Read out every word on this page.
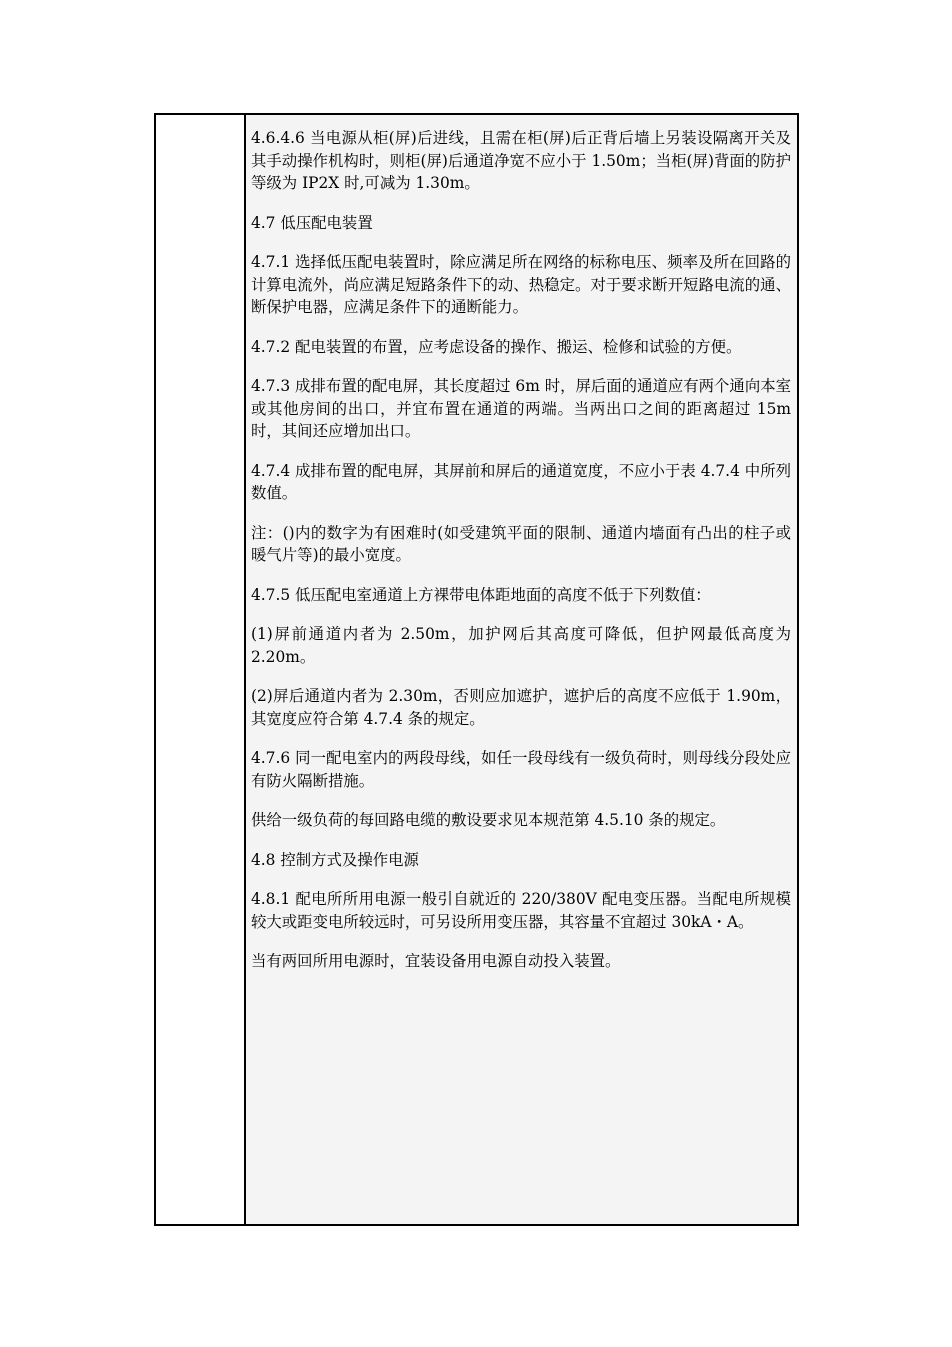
4.6.4.6 当电源从柜(屏)后进线，且需在柜(屏)后正背后墙上另装设隔离开关及其手动操作机构时，则柜(屏)后通道净宽不应小于 1.50m；当柜(屏)背面的防护等级为 IP2X 时,可减为 1.30m。

4.7 低压配电装置

4.7.1 选择低压配电装置时，除应满足所在网络的标称电压、频率及所在回路的计算电流外，尚应满足短路条件下的动、热稳定。对于要求断开短路电流的通、断保护电器，应满足条件下的通断能力。

4.7.2 配电装置的布置，应考虑设备的操作、搬运、检修和试验的方便。

4.7.3 成排布置的配电屏，其长度超过 6m 时，屏后面的通道应有两个通向本室或其他房间的出口，并宜布置在通道的两端。当两出口之间的距离超过 15m 时，其间还应增加出口。

4.7.4 成排布置的配电屏，其屏前和屏后的通道宽度，不应小于表 4.7.4 中所列数值。

注：()内的数字为有困难时(如受建筑平面的限制、通道内墙面有凸出的柱子或暖气片等)的最小宽度。

4.7.5 低压配电室通道上方裸带电体距地面的高度不低于下列数值：

(1)屏前通道内者为 2.50m，加护网后其高度可降低，但护网最低高度为 2.20m。

(2)屏后通道内者为 2.30m，否则应加遮护，遮护后的高度不应低于 1.90m，其宽度应符合第 4.7.4 条的规定。

4.7.6 同一配电室内的两段母线，如任一段母线有一级负荷时，则母线分段处应有防火隔断措施。

供给一级负荷的每回路电缆的敷设要求见本规范第 4.5.10 条的规定。

4.8 控制方式及操作电源

4.8.1 配电所所用电源一般引自就近的 220/380V 配电变压器。当配电所规模较大或距变电所较远时，可另设所用变压器，其容量不宜超过 30kA・A。

当有两回所用电源时，宜装设备用电源自动投入装置。
